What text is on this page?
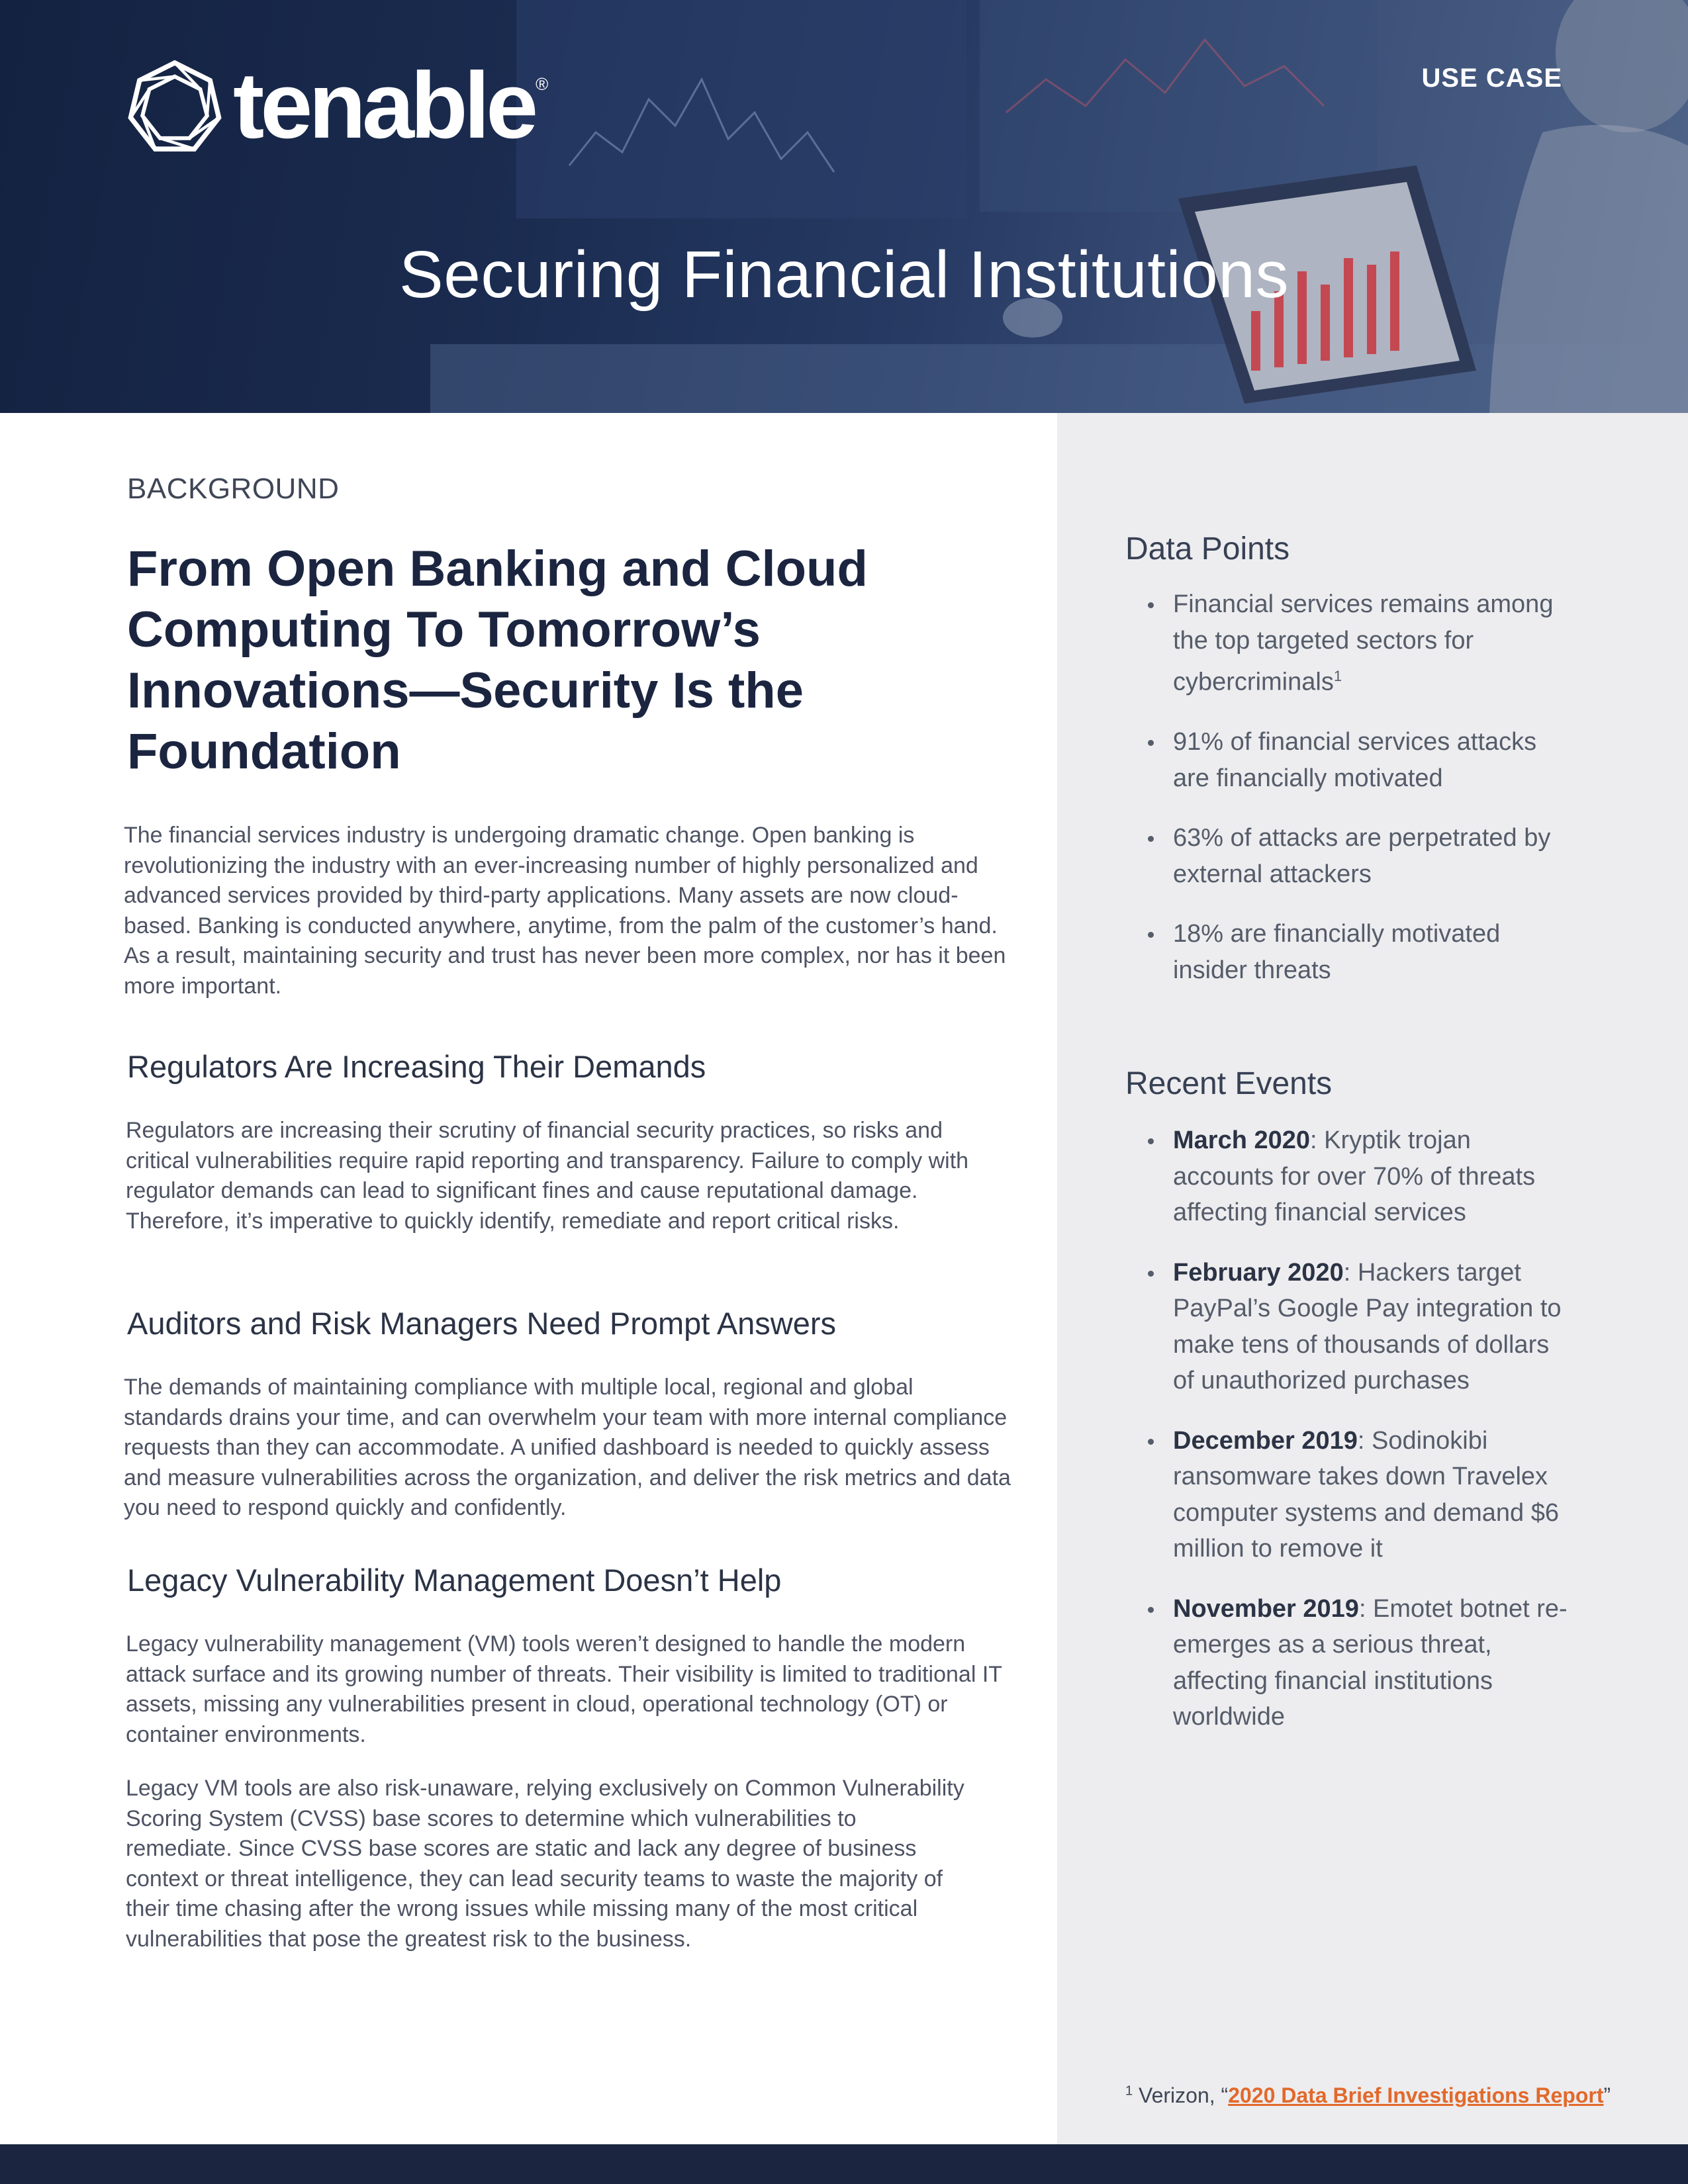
tenable ®	USE CASE
Securing Financial Institutions
BACKGROUND
From Open Banking and Cloud Computing To Tomorrow’s Innovations—Security Is the Foundation

The financial services industry is undergoing dramatic change. Open banking is revolutionizing the industry with an ever-increasing number of highly personalized and advanced services provided by third-party applications. Many assets are now cloud-based. Banking is conducted anywhere, anytime, from the palm of the customer’s hand. As a result, maintaining security and trust has never been more complex, nor has it been more important.

Regulators Are Increasing Their Demands

Regulators are increasing their scrutiny of financial security practices, so risks and critical vulnerabilities require rapid reporting and transparency. Failure to comply with regulator demands can lead to significant fines and cause reputational damage. Therefore, it’s imperative to quickly identify, remediate and report critical risks.

Auditors and Risk Managers Need Prompt Answers

The demands of maintaining compliance with multiple local, regional and global standards drains your time, and can overwhelm your team with more internal compliance requests than they can accommodate. A unified dashboard is needed to quickly assess and measure vulnerabilities across the organization, and deliver the risk metrics and data you need to respond quickly and confidently.

Legacy Vulnerability Management Doesn’t Help

Legacy vulnerability management (VM) tools weren’t designed to handle the modern attack surface and its growing number of threats. Their visibility is limited to traditional IT assets, missing any vulnerabilities present in cloud, operational technology (OT) or container environments.

Legacy VM tools are also risk-unaware, relying exclusively on Common Vulnerability Scoring System (CVSS) base scores to determine which vulnerabilities to remediate. Since CVSS base scores are static and lack any degree of business context or threat intelligence, they can lead security teams to waste the majority of their time chasing after the wrong issues while missing many of the most critical vulnerabilities that pose the greatest risk to the business.

Data Points
Financial services remains among the top targeted sectors for cybercriminals$^1$
91% of financial services attacks are financially motivated
63% of attacks are perpetrated by external attackers
18% are financially motivated insider threats
Recent Events
March 2020: Kryptik trojan accounts for over 70% of threats affecting financial services
February 2020: Hackers target PayPal’s Google Pay integration to make tens of thousands of dollars of unauthorized purchases
December 2019: Sodinokibi ransomware takes down Travelex computer systems and demand $6 million to remove it
November 2019: Emotet botnet re-emerges as a serious threat, affecting financial institutions worldwide
$^1$ Verizon, “2020 Data Brief Investigations Report”
